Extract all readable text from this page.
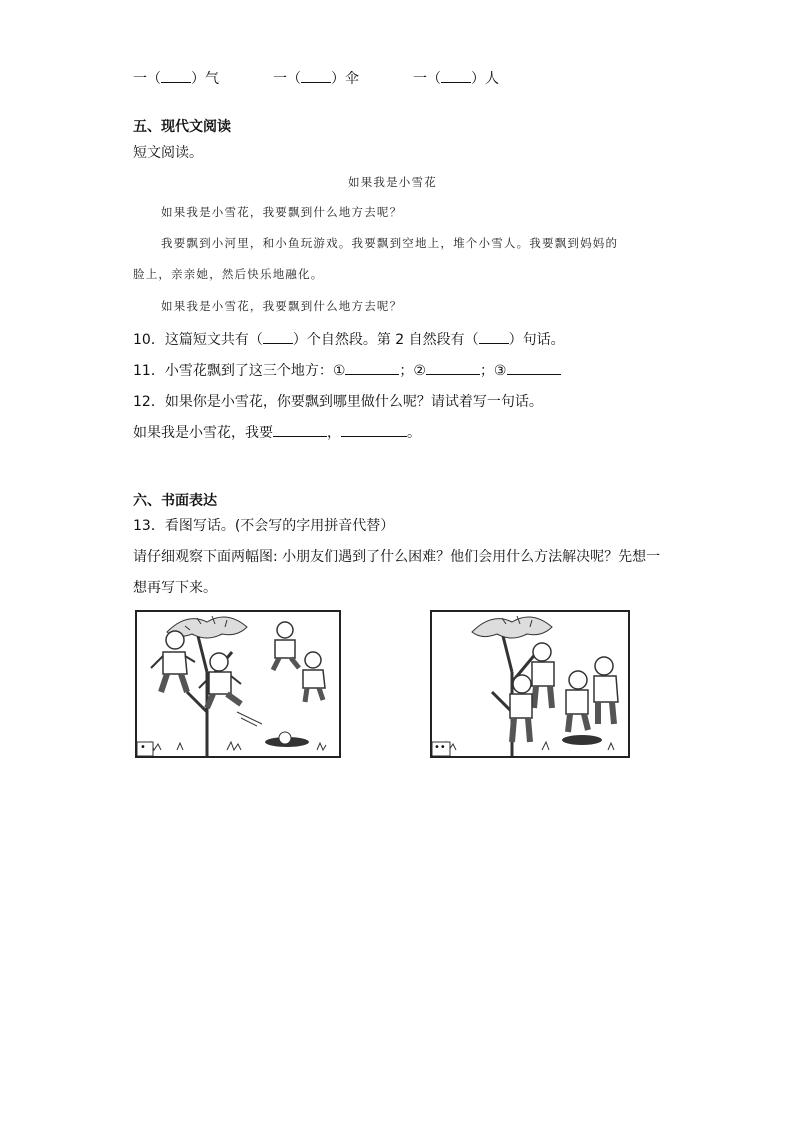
一（ ）气	一（ ）伞	一（ ）人
五、现代文阅读
短文阅读。
如果我是小雪花
如果我是小雪花，我要飘到什么地方去呢？
我要飘到小河里，和小鱼玩游戏。我要飘到空地上，堆个小雪人。我要飘到妈妈的
脸上，亲亲她，然后快乐地融化。
如果我是小雪花，我要飘到什么地方去呢？
10．这篇短文共有（ ）个自然段。第 2 自然段有（ ）句话。
11．小雪花飘到了这三个地方：①	；②	；③
12．如果你是小雪花，你要飘到哪里做什么呢？请试着写一句话。
如果我是小雪花，我要	，	。
六、书面表达
13．看图写话。(不会写的字用拼音代替）
请仔细观察下面两幅图: 小朋友们遇到了什么困难？他们会用什么方法解决呢？先想一
想再写下来。
•	••
